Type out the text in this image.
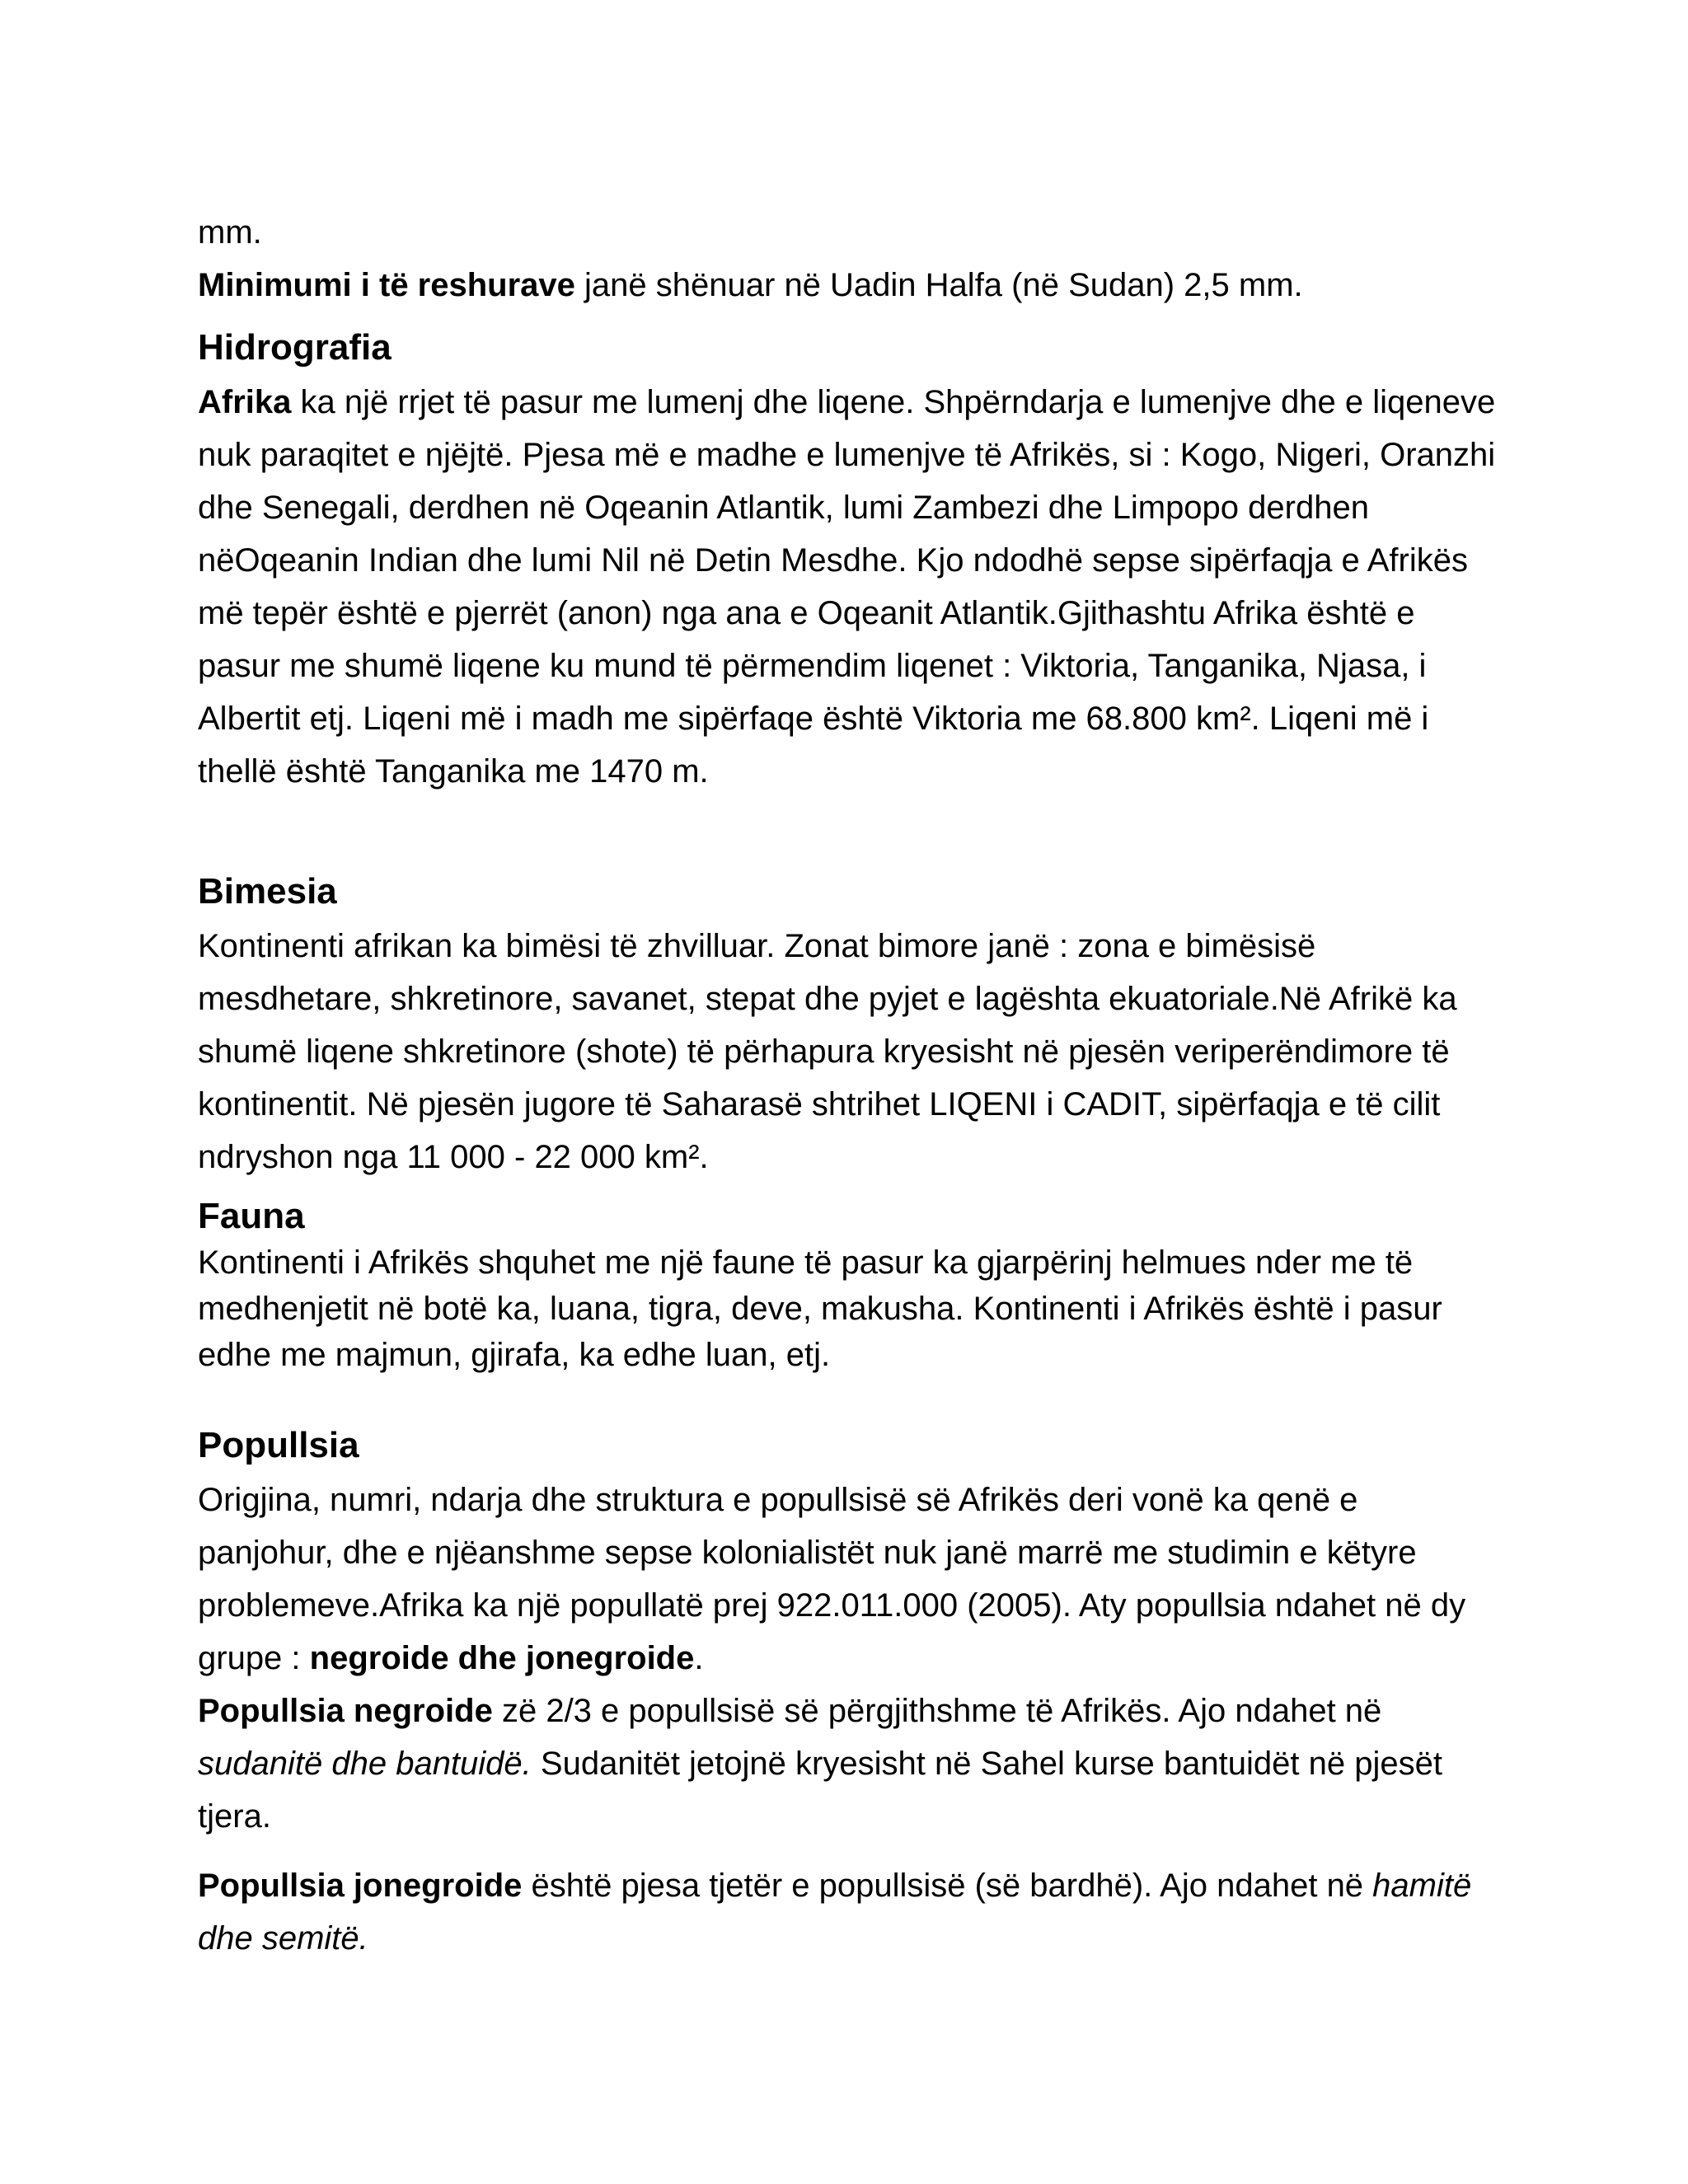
mm.

Minimumi i të reshurave janë shënuar në Uadin Halfa (në Sudan) 2,5 mm.

Hidrografia

Afrika ka një rrjet të pasur me lumenj dhe liqene. Shpërndarja e lumenjve dhe e liqeneve nuk paraqitet e njëjtë. Pjesa më e madhe e lumenjve të Afrikës, si : Kogo, Nigeri, Oranzhi dhe Senegali, derdhen në Oqeanin Atlantik, lumi Zambezi dhe Limpopo derdhen nëOqeanin Indian dhe lumi Nil në Detin Mesdhe. Kjo ndodhë sepse sipërfaqja e Afrikës më tepër është e pjerrët (anon) nga ana e Oqeanit Atlantik.Gjithashtu Afrika është e pasur me shumë liqene ku mund të përmendim liqenet : Viktoria, Tanganika, Njasa, i Albertit etj. Liqeni më i madh me sipërfaqe është Viktoria me 68.800 km². Liqeni më i thellë është Tanganika me 1470 m.

Bimesia

Kontinenti afrikan ka bimësi të zhvilluar. Zonat bimore janë : zona e bimësisë mesdhetare, shkretinore, savanet, stepat dhe pyjet e lagështa ekuatoriale.Në Afrikë ka shumë liqene shkretinore (shote) të përhapura kryesisht në pjesën veriperëndimore të kontinentit. Në pjesën jugore të Saharasë shtrihet LIQENI i CADIT, sipërfaqja e të cilit ndryshon nga 11 000 - 22 000 km².

Fauna

Kontinenti i Afrikës shquhet me një faune të pasur ka gjarpërinj helmues nder me të medhenjetit në botë ka, luana, tigra, deve, makusha. Kontinenti i Afrikës është i pasur edhe me majmun, gjirafa, ka edhe luan, etj.

Popullsia

Origjina, numri, ndarja dhe struktura e popullsisë së Afrikës deri vonë ka qenë e panjohur, dhe e njëanshme sepse kolonialistët nuk janë marrë me studimin e këtyre problemeve.Afrika ka një popullatë prej 922.011.000 (2005). Aty popullsia ndahet në dy grupe : negroide dhe jonegroide.

Popullsia negroide zë 2/3 e popullsisë së përgjithshme të Afrikës. Ajo ndahet në sudanitë dhe bantuidë. Sudanitët jetojnë kryesisht në Sahel kurse bantuidët në pjesët tjera.

Popullsia jonegroide është pjesa tjetër e popullsisë (së bardhë). Ajo ndahet në hamitë dhe semitë.
